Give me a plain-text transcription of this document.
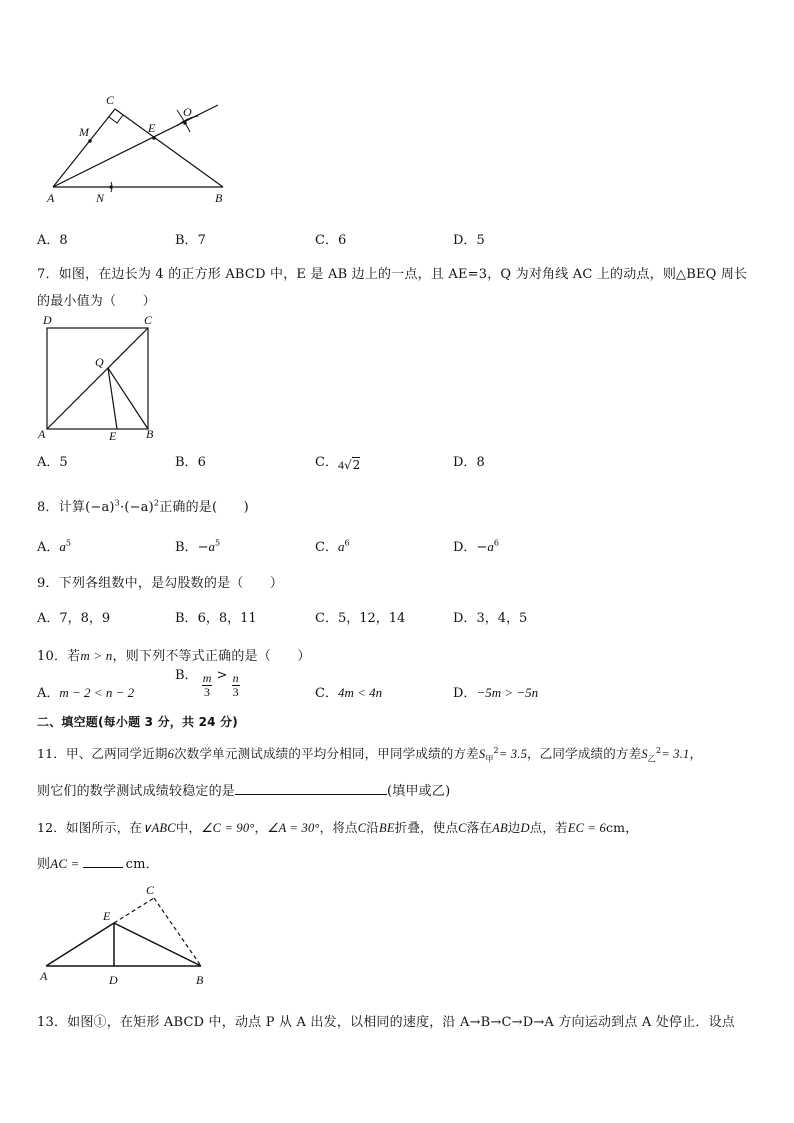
C
M	E
O
A	N	B
A．8	B．7	C．6	D．5
7．如图，在边长为 4 的正方形 ABCD 中，E 是 AB 边上的一点，且 AE=3，Q 为对角线 AC 上的动点，则△BEQ 周长
的最小值为（　　）
D	C
Q
A	E B
A．5	B．6	C．4√2	D．8
8．计算$(-a)^3\cdot(-a)^2$正确的是(　　)
A．$a^5$	B．$-a^5$	C．$a^6$	D．$-a^6$
9．下列各组数中，是勾股数的是（　　）
A．7，8，9	B．6，8，11	C．5，12，14	D．3，4，5
10．若m > n，则下列不等式正确的是（　　）
A．m − 2 < n − 2
B． $\frac{m}{3} > \frac{n}{3}$	C．4m < 4n	D．−5m > −5n
二、填空题(每小题 3 分，共 24 分)
11．甲、乙两同学近期6次数学单元测试成绩的平均分相同，甲同学成绩的方差$S_甲^2= 3.5$，乙同学成绩的方差$S_乙^2= 3.1$，
则它们的数学测试成绩较稳定的是	(填甲或乙)
12．如图所示，在∨ABC中，∠C = 90°，∠A = 30°，将点C沿BE折叠，使点C落在AB边D点，若EC = 6cm，
则AC =	cm．
C
E
A	D	B
13．如图①，在矩形 ABCD 中，动点 P 从 A 出发，以相同的速度，沿 A→B→C→D→A 方向运动到点 A 处停止．设点
